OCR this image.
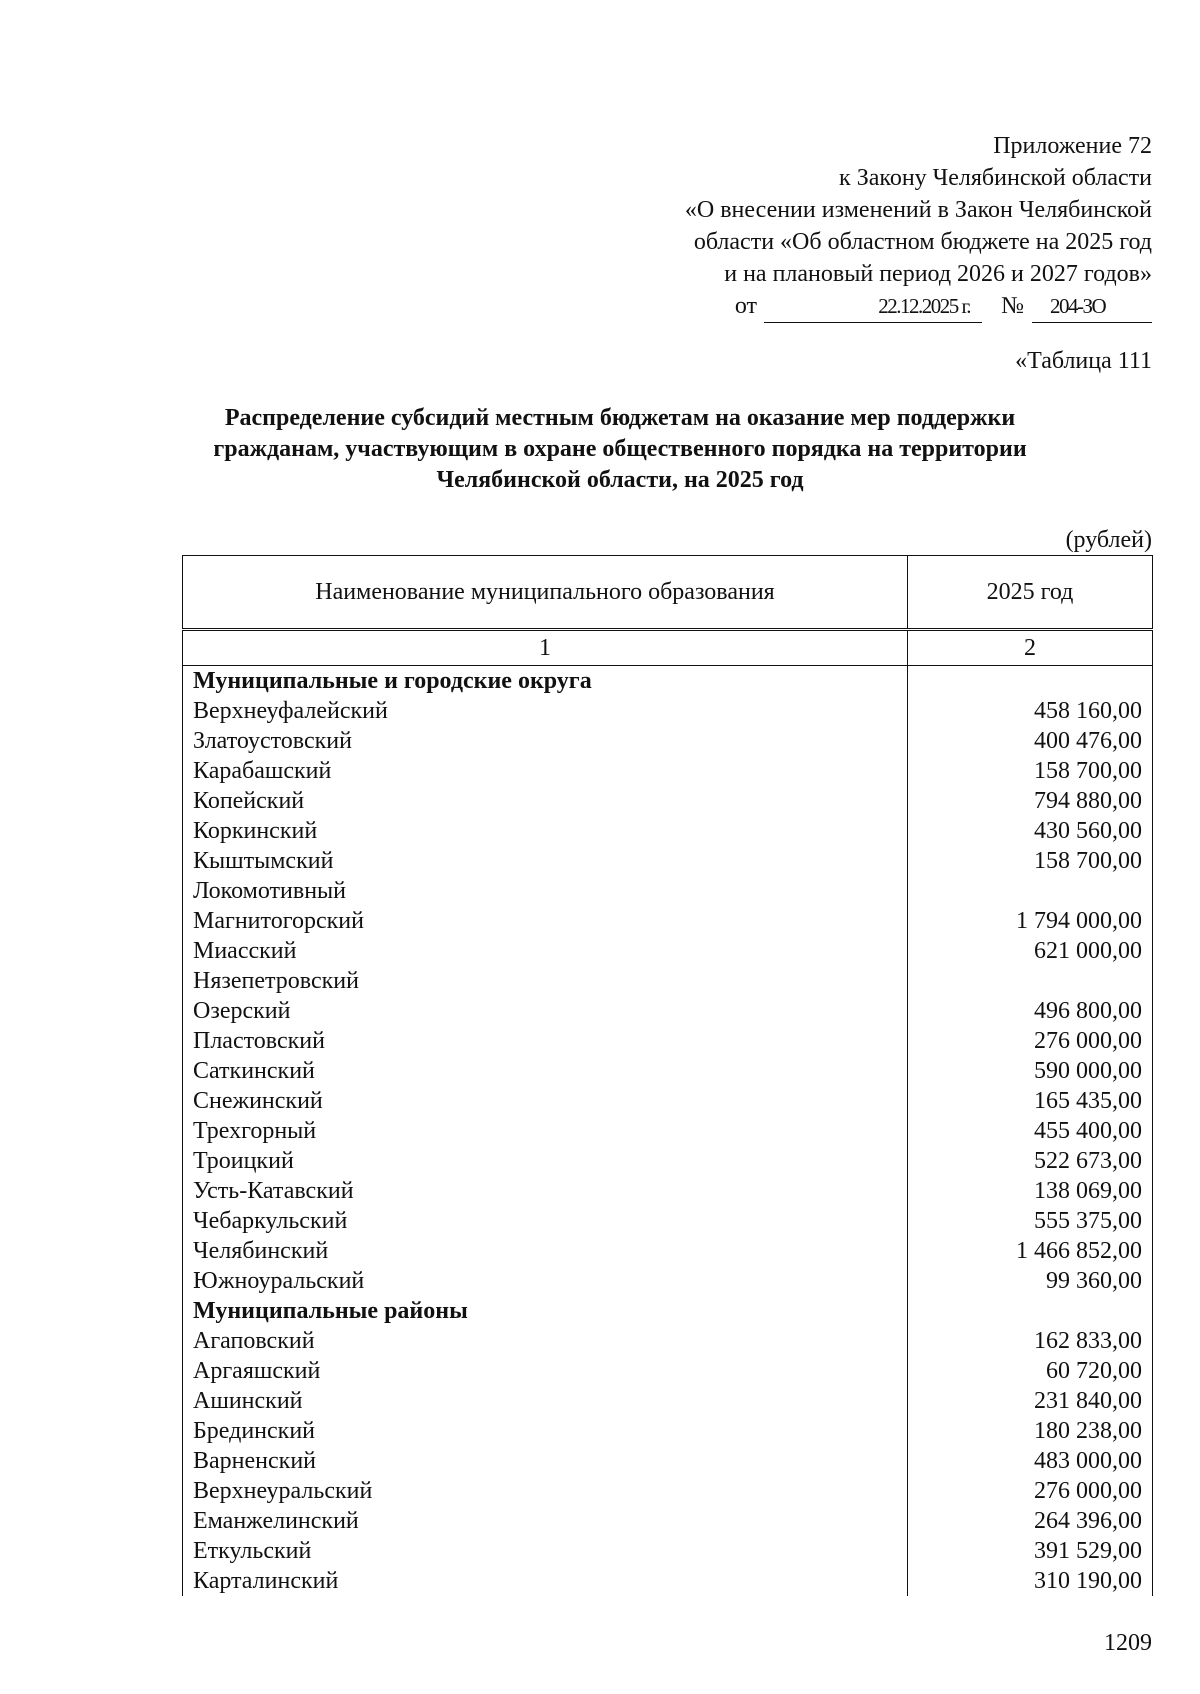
Приложение 72
к Закону Челябинской области
«О внесении изменений в Закон Челябинской
области «Об областном бюджете на 2025 год
и на плановый период 2026 и 2027 годов»
от	22.12.2025 г.	№	204-ЗО
«Таблица 111
Распределение субсидий местным бюджетам на оказание мер поддержки
гражданам, участвующим в охране общественного порядка на территории
Челябинской области, на 2025 год
(рублей)
Наименование муниципального образования	2025 год
1	2
Муниципальные и городские округа	
Верхнеуфалейский	458 160,00
Златоустовский	400 476,00
Карабашский	158 700,00
Копейский	794 880,00
Коркинский	430 560,00
Кыштымский	158 700,00
Локомотивный	
Магнитогорский	1 794 000,00
Миасский	621 000,00
Нязепетровский	
Озерский	496 800,00
Пластовский	276 000,00
Саткинский	590 000,00
Снежинский	165 435,00
Трехгорный	455 400,00
Троицкий	522 673,00
Усть-Катавский	138 069,00
Чебаркульский	555 375,00
Челябинский	1 466 852,00
Южноуральский	99 360,00
Муниципальные районы	
Агаповский	162 833,00
Аргаяшский	60 720,00
Ашинский	231 840,00
Брединский	180 238,00
Варненский	483 000,00
Верхнеуральский	276 000,00
Еманжелинский	264 396,00
Еткульский	391 529,00
Карталинский	310 190,00
1209
